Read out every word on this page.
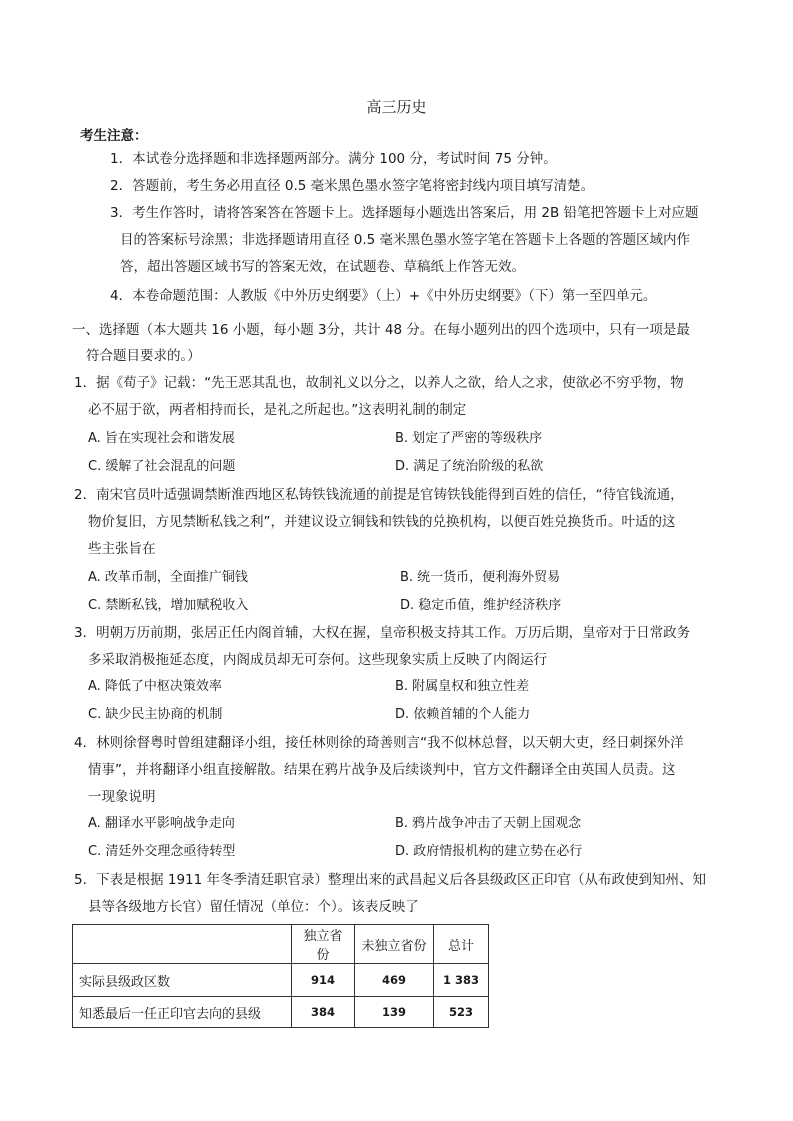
高三历史
考生注意：
1．本试卷分选择题和非选择题两部分。满分 100 分，考试时间 75 分钟。
2．答题前，考生务必用直径 0.5 毫米黑色墨水签字笔将密封线内项目填写清楚。
3．考生作答时，请将答案答在答题卡上。选择题每小题选出答案后，用 2B 铅笔把答题卡上对应题
目的答案标号涂黑；非选择题请用直径 0.5 毫米黑色墨水签字笔在答题卡上各题的答题区域内作
答，超出答题区域书写的答案无效，在试题卷、草稿纸上作答无效。
4．本卷命题范围：人教版《中外历史纲要》（上）+《中外历史纲要》（下）第一至四单元。
一、选择题（本大题共 16 小题，每小题 3分，共计 48 分。在每小题列出的四个选项中，只有一项是最
符合题目要求的。）
1．据《荀子》记载：“先王恶其乱也，故制礼义以分之，以养人之欲，给人之求，使欲必不穷乎物，物
必不屈于欲，两者相持而长，是礼之所起也。”这表明礼制的制定
A. 旨在实现社会和谐发展	B. 划定了严密的等级秩序
C. 缓解了社会混乱的问题	D. 满足了统治阶级的私欲
2．南宋官员叶适强调禁断淮西地区私铸铁钱流通的前提是官铸铁钱能得到百姓的信任，“待官钱流通，
物价复旧，方见禁断私钱之利”，并建议设立铜钱和铁钱的兑换机构，以便百姓兑换货币。叶适的这
些主张旨在
A. 改革币制，全面推广铜钱	B. 统一货币，便利海外贸易
C. 禁断私钱，增加赋税收入	D. 稳定币值，维护经济秩序
3．明朝万历前期，张居正任内阁首辅，大权在握，皇帝积极支持其工作。万历后期，皇帝对于日常政务
多采取消极拖延态度，内阁成员却无可奈何。这些现象实质上反映了内阁运行
A. 降低了中枢决策效率	B. 附属皇权和独立性差
C. 缺少民主协商的机制	D. 依赖首辅的个人能力
4．林则徐督粤时曾组建翻译小组，接任林则徐的琦善则言“我不似林总督，以天朝大吏，经日刺探外洋
情事”，并将翻译小组直接解散。结果在鸦片战争及后续谈判中，官方文件翻译全由英国人员责。这
一现象说明
A. 翻译水平影响战争走向	B. 鸦片战争冲击了天朝上国观念
C. 清廷外交理念亟待转型	D. 政府情报机构的建立势在必行
5．下表是根据 1911 年冬季清廷职官录）整理出来的武昌起义后各县级政区正印官（从布政使到知州、知
县等各级地方长官）留任情况（单位：个）。该表反映了
	独立省份	未独立省份	总计
实际县级政区数	914	469	1 383
知悉最后一任正印官去向的县级	384	139	523
